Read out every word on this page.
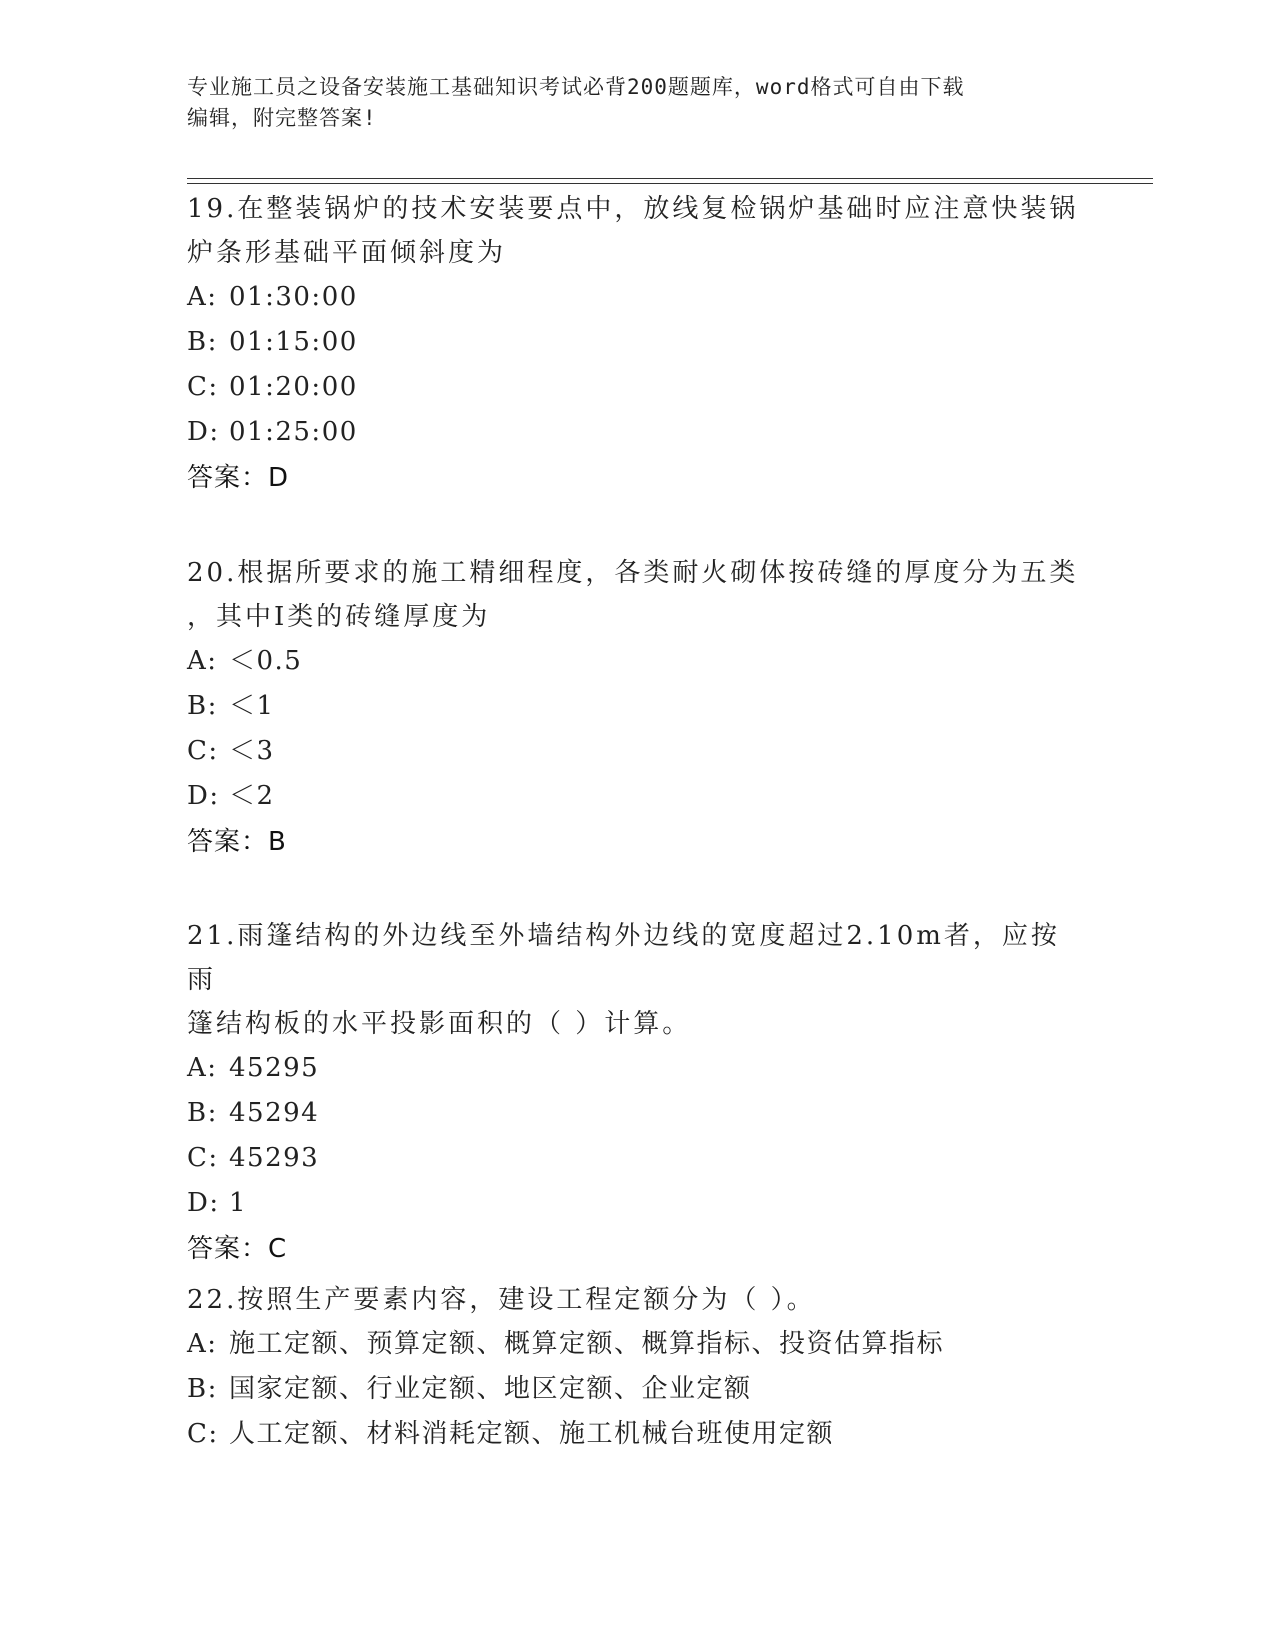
专业施工员之设备安装施工基础知识考试必背200题题库，word格式可自由下载
编辑，附完整答案!

19.在整装锅炉的技术安装要点中，放线复检锅炉基础时应注意快装锅

炉条形基础平面倾斜度为

A: 01:30:00

B: 01:15:00

C: 01:20:00

D: 01:25:00

答案：D

20.根据所要求的施工精细程度，各类耐火砌体按砖缝的厚度分为五类

，其中Ⅰ类的砖缝厚度为

A: ＜0.5

B: ＜1

C: ＜3

D: ＜2

答案：B

21.雨篷结构的外边线至外墙结构外边线的宽度超过2.10m者，应按雨

篷结构板的水平投影面积的（ ）计算。

A: 45295

B: 45294

C: 45293

D: 1

答案：C

22.按照生产要素内容，建设工程定额分为（ ）。

A: 施工定额、预算定额、概算定额、概算指标、投资估算指标

B: 国家定额、行业定额、地区定额、企业定额

C: 人工定额、材料消耗定额、施工机械台班使用定额
